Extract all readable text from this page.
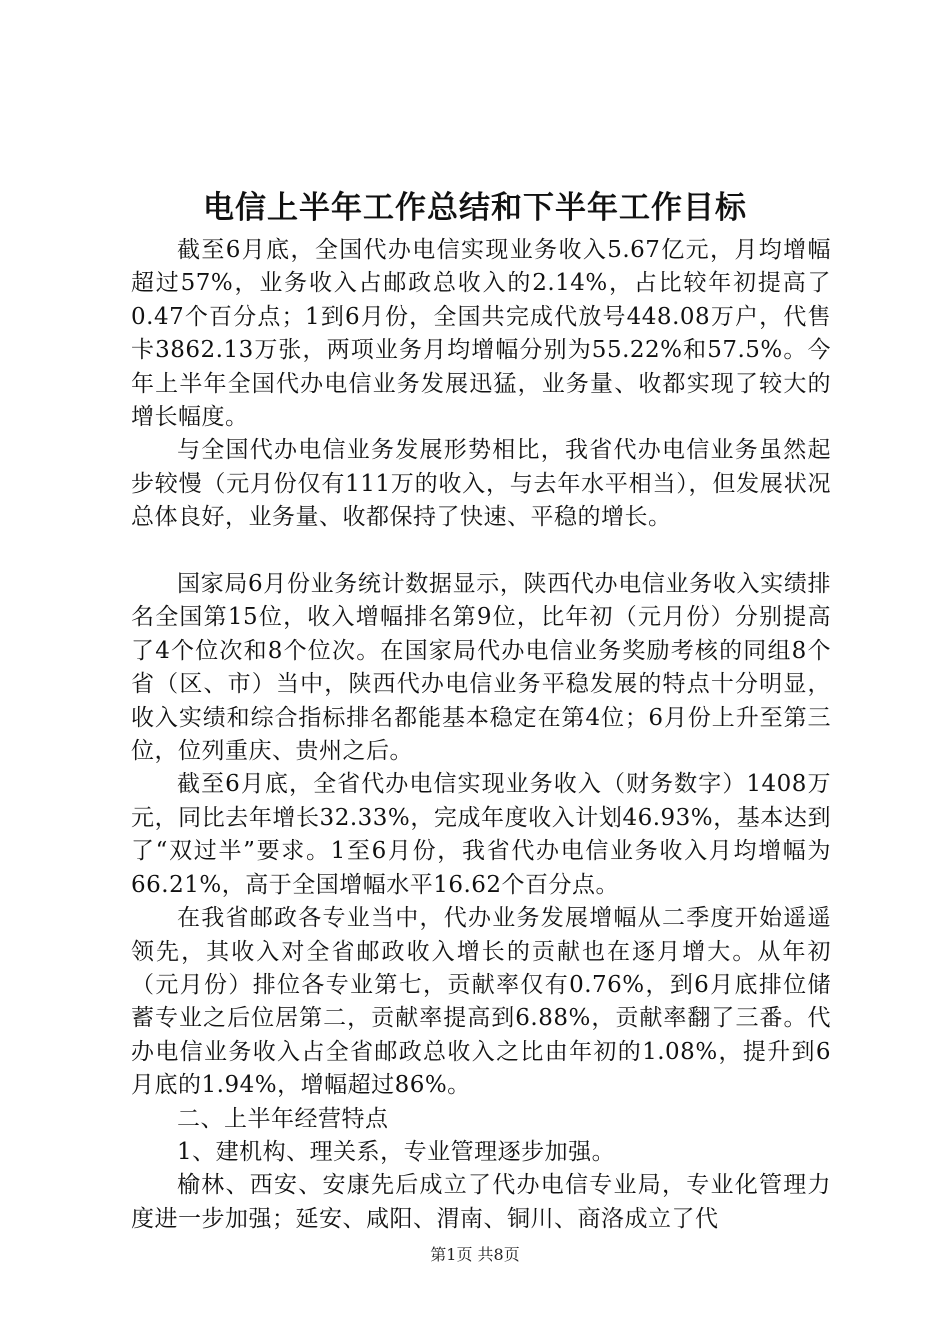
电信上半年工作总结和下半年工作目标

截至6月底，全国代办电信实现业务收入5.67亿元，月均增幅超过57%，业务收入占邮政总收入的2.14%，占比较年初提高了0.47个百分点；1到6月份，全国共完成代放号448.08万户，代售卡3862.13万张，两项业务月均增幅分别为55.22%和57.5%。今年上半年全国代办电信业务发展迅猛，业务量、收都实现了较大的增长幅度。

与全国代办电信业务发展形势相比，我省代办电信业务虽然起步较慢（元月份仅有111万的收入，与去年水平相当），但发展状况总体良好，业务量、收都保持了快速、平稳的增长。

国家局6月份业务统计数据显示，陕西代办电信业务收入实绩排名全国第15位，收入增幅排名第9位，比年初（元月份）分别提高了4个位次和8个位次。在国家局代办电信业务奖励考核的同组8个省（区、市）当中，陕西代办电信业务平稳发展的特点十分明显，收入实绩和综合指标排名都能基本稳定在第4位；6月份上升至第三位，位列重庆、贵州之后。

截至6月底，全省代办电信实现业务收入（财务数字）1408万元，同比去年增长32.33%，完成年度收入计划46.93%，基本达到了“双过半”要求。1至6月份，我省代办电信业务收入月均增幅为66.21%，高于全国增幅水平16.62个百分点。

在我省邮政各专业当中，代办业务发展增幅从二季度开始遥遥领先，其收入对全省邮政收入增长的贡献也在逐月增大。从年初（元月份）排位各专业第七，贡献率仅有0.76%，到6月底排位储蓄专业之后位居第二，贡献率提高到6.88%，贡献率翻了三番。代办电信业务收入占全省邮政总收入之比由年初的1.08%，提升到6月底的1.94%，增幅超过86%。

二、上半年经营特点

1、建机构、理关系，专业管理逐步加强。

榆林、西安、安康先后成立了代办电信专业局，专业化管理力度进一步加强；延安、咸阳、渭南、铜川、商洛成立了代

第1页 共8页
